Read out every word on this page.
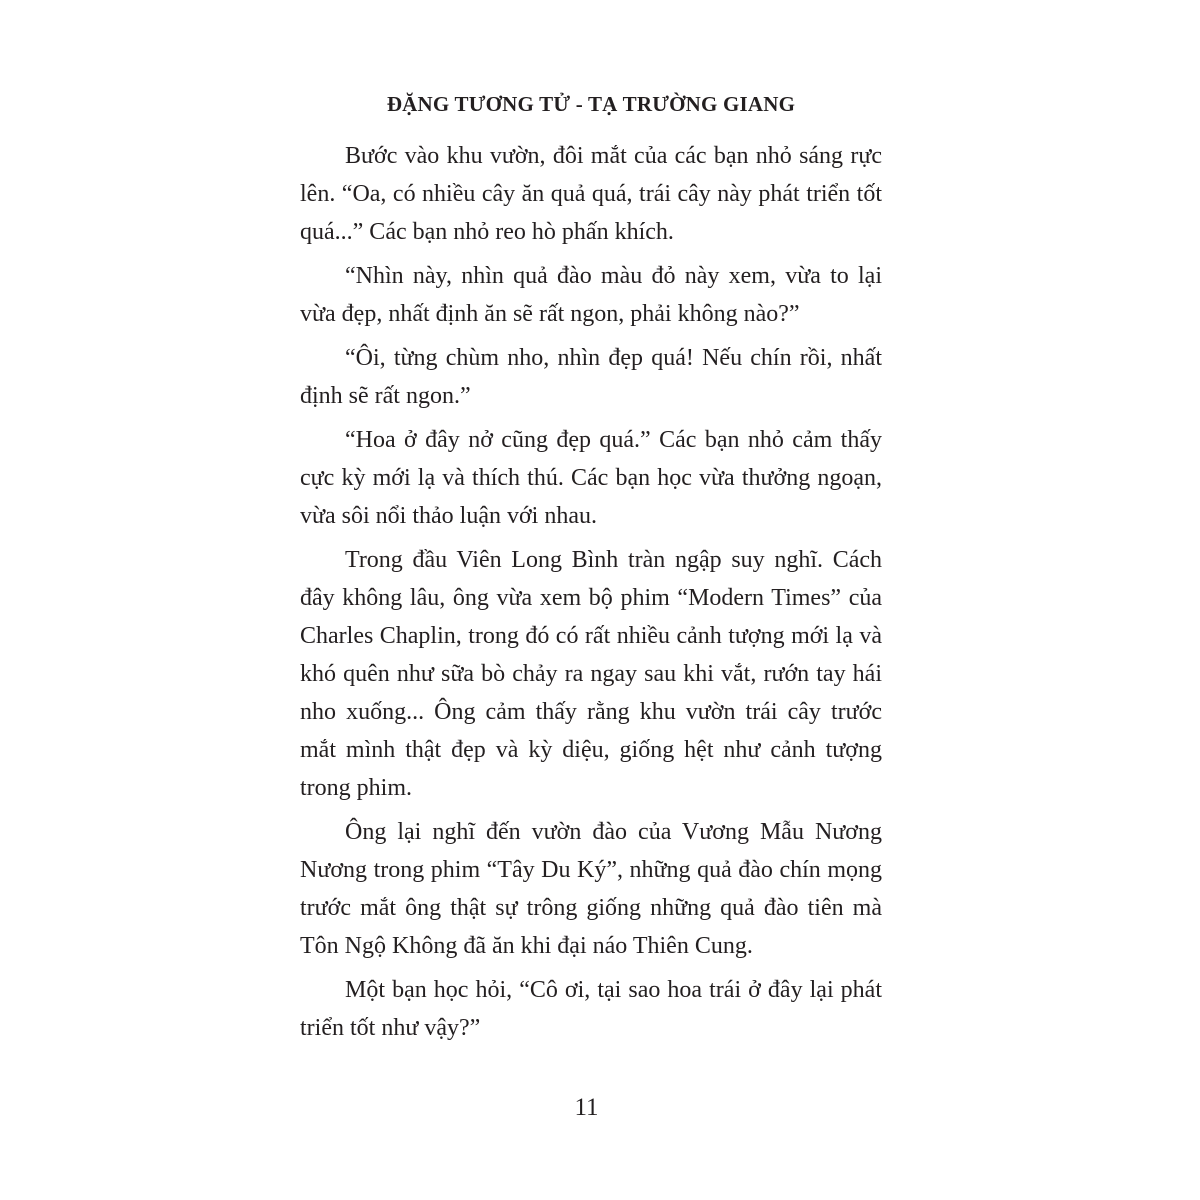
ĐẶNG TƯƠNG TỬ - TẠ TRƯỜNG GIANG

Bước vào khu vườn, đôi mắt của các bạn nhỏ sáng rực lên. “Oa, có nhiều cây ăn quả quá, trái cây này phát triển tốt quá...” Các bạn nhỏ reo hò phấn khích.

“Nhìn này, nhìn quả đào màu đỏ này xem, vừa to lại vừa đẹp, nhất định ăn sẽ rất ngon, phải không nào?”

“Ôi, từng chùm nho, nhìn đẹp quá! Nếu chín rồi, nhất định sẽ rất ngon.”

“Hoa ở đây nở cũng đẹp quá.” Các bạn nhỏ cảm thấy cực kỳ mới lạ và thích thú. Các bạn học vừa thưởng ngoạn, vừa sôi nổi thảo luận với nhau.

Trong đầu Viên Long Bình tràn ngập suy nghĩ. Cách đây không lâu, ông vừa xem bộ phim “Modern Times” của Charles Chaplin, trong đó có rất nhiều cảnh tượng mới lạ và khó quên như sữa bò chảy ra ngay sau khi vắt, rướn tay hái nho xuống... Ông cảm thấy rằng khu vườn trái cây trước mắt mình thật đẹp và kỳ diệu, giống hệt như cảnh tượng trong phim.

Ông lại nghĩ đến vườn đào của Vương Mẫu Nương Nương trong phim “Tây Du Ký”, những quả đào chín mọng trước mắt ông thật sự trông giống những quả đào tiên mà Tôn Ngộ Không đã ăn khi đại náo Thiên Cung.

Một bạn học hỏi, “Cô ơi, tại sao hoa trái ở đây lại phát triển tốt như vậy?”

11
